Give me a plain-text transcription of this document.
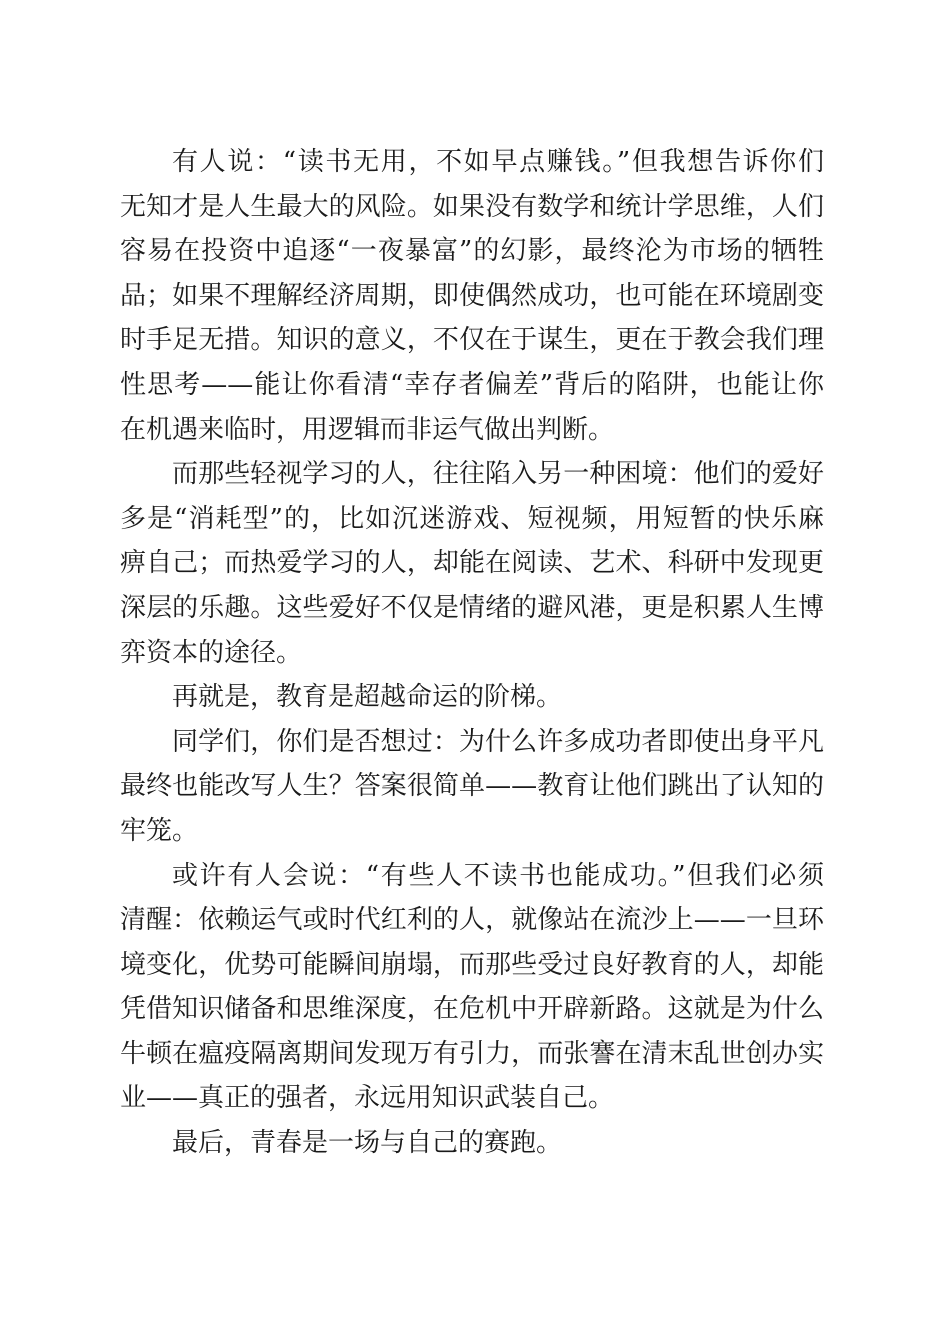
有人说：“读书无用，不如早点赚钱。”但我想告诉你们
无知才是人生最大的风险。如果没有数学和统计学思维，人们
容易在投资中追逐“一夜暴富”的幻影，最终沦为市场的牺牲
品；如果不理解经济周期，即使偶然成功，也可能在环境剧变
时手足无措。知识的意义，不仅在于谋生，更在于教会我们理
性思考——能让你看清“幸存者偏差”背后的陷阱，也能让你
在机遇来临时，用逻辑而非运气做出判断。
而那些轻视学习的人，往往陷入另一种困境：他们的爱好
多是“消耗型”的，比如沉迷游戏、短视频，用短暂的快乐麻
痹自己；而热爱学习的人，却能在阅读、艺术、科研中发现更
深层的乐趣。这些爱好不仅是情绪的避风港，更是积累人生博
弈资本的途径。
再就是，教育是超越命运的阶梯。
同学们，你们是否想过：为什么许多成功者即使出身平凡
最终也能改写人生？答案很简单——教育让他们跳出了认知的
牢笼。
或许有人会说：“有些人不读书也能成功。”但我们必须
清醒：依赖运气或时代红利的人，就像站在流沙上——一旦环
境变化，优势可能瞬间崩塌，而那些受过良好教育的人，却能
凭借知识储备和思维深度，在危机中开辟新路。这就是为什么
牛顿在瘟疫隔离期间发现万有引力，而张謇在清末乱世创办实
业——真正的强者，永远用知识武装自己。
最后，青春是一场与自己的赛跑。
